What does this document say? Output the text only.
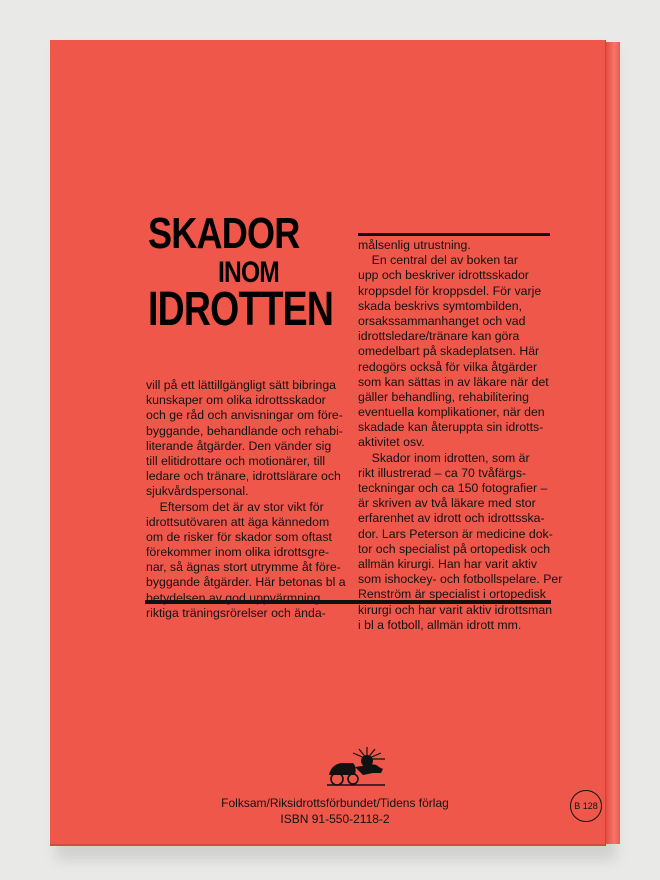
SKADOR
INOM
IDROTTEN
vill på ett lättillgängligt sätt bibringa
kunskaper om olika idrottsskador
och ge råd och anvisningar om före-
byggande, behandlande och rehabi-
literande åtgärder. Den vänder sig
till elitidrottare och motionärer, till
ledare och tränare, idrottslärare och
sjukvårdspersonal.
Eftersom det är av stor vikt för
idrottsutövaren att äga kännedom
om de risker för skador som oftast
förekommer inom olika idrottsgre-
nar, så ägnas stort utrymme åt före-
byggande åtgärder. Här betonas bl a
betydelsen av god uppvärmning,
riktiga träningsrörelser och ända-
målsenlig utrustning.
En central del av boken tar
upp och beskriver idrottsskador
kroppsdel för kroppsdel. För varje
skada beskrivs symtombilden,
orsakssammanhanget och vad
idrottsledare/tränare kan göra
omedelbart på skadeplatsen. Här
redogörs också för vilka åtgärder
som kan sättas in av läkare när det
gäller behandling, rehabilitering
eventuella komplikationer, när den
skadade kan återuppta sin idrotts-
aktivitet osv.
Skador inom idrotten, som är
rikt illustrerad – ca 70 tvåfärgs-
teckningar och ca 150 fotografier –
är skriven av två läkare med stor
erfarenhet av idrott och idrottsska-
dor. Lars Peterson är medicine dok-
tor och specialist på ortopedisk och
allmän kirurgi. Han har varit aktiv
som ishockey- och fotbollspelare. Per
Renström är specialist i ortopedisk
kirurgi och har varit aktiv idrottsman
i bl a fotboll, allmän idrott mm.
Folksam/Riksidrottsförbundet/Tidens förlag
ISBN 91-550-2118-2
B 128
